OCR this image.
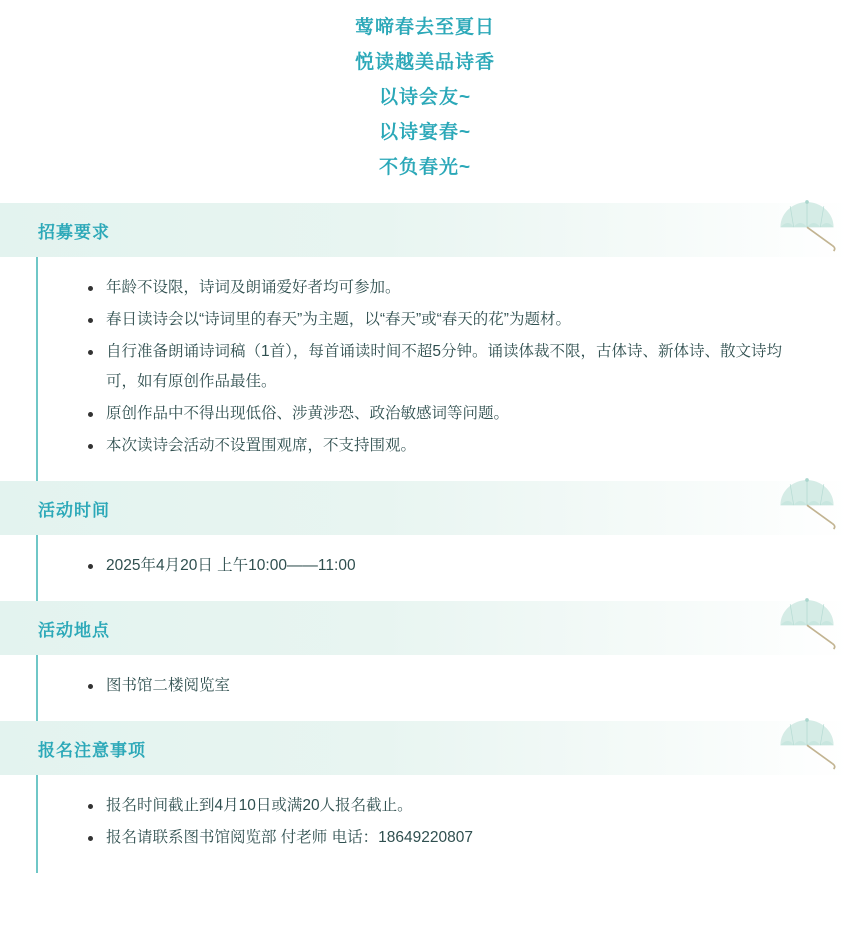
莺啼春去至夏日
悦读越美品诗香
以诗会友~
以诗宴春~
不负春光~
招募要求
年龄不设限，诗词及朗诵爱好者均可参加。
春日读诗会以“诗词里的春天”为主题，以“春天”或“春天的花”为题材。
自行准备朗诵诗词稿（1首），每首诵读时间不超5分钟。诵读体裁不限，古体诗、新体诗、散文诗均可，如有原创作品最佳。
原创作品中不得出现低俗、涉黄涉恐、政治敏感词等问题。
本次读诗会活动不设置围观席，不支持围观。
活动时间
2025年4月20日 上午10:00——11:00
活动地点
图书馆二楼阅览室
报名注意事项
报名时间截止到4月10日或满20人报名截止。
报名请联系图书馆阅览部 付老师 电话：18649220807
